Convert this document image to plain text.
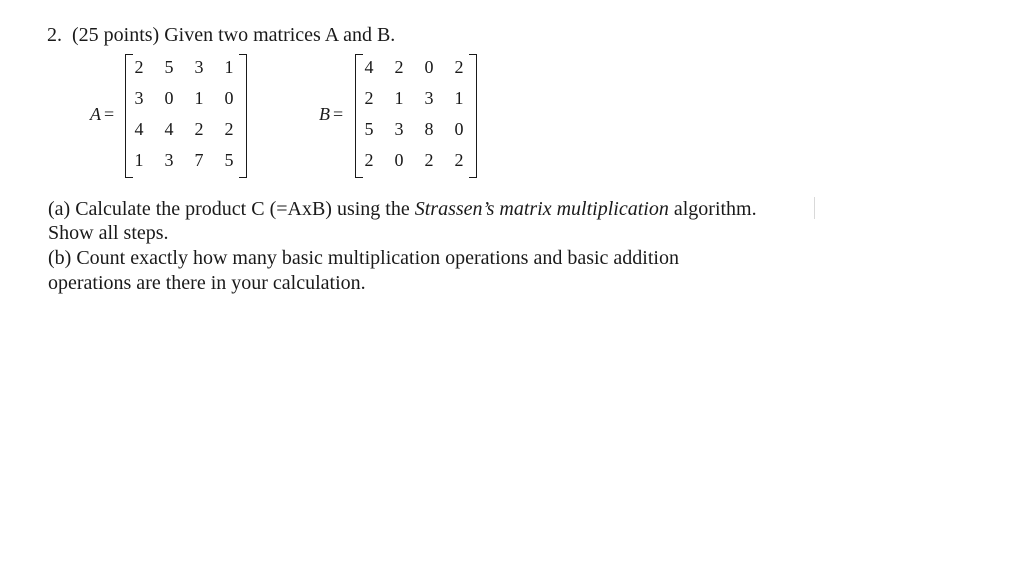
2. (25 points) Given two matrices A and B.
A =
2	5	3	1
3	0	1	0
4	4	2	2
1	3	7	5
B =
4	2	0	2
2	1	3	1
5	3	8	0
2	0	2	2
(a) Calculate the product C (=AxB) using the Strassen’s matrix multiplication algorithm.
Show all steps.
(b) Count exactly how many basic multiplication operations and basic addition
operations are there in your calculation.
